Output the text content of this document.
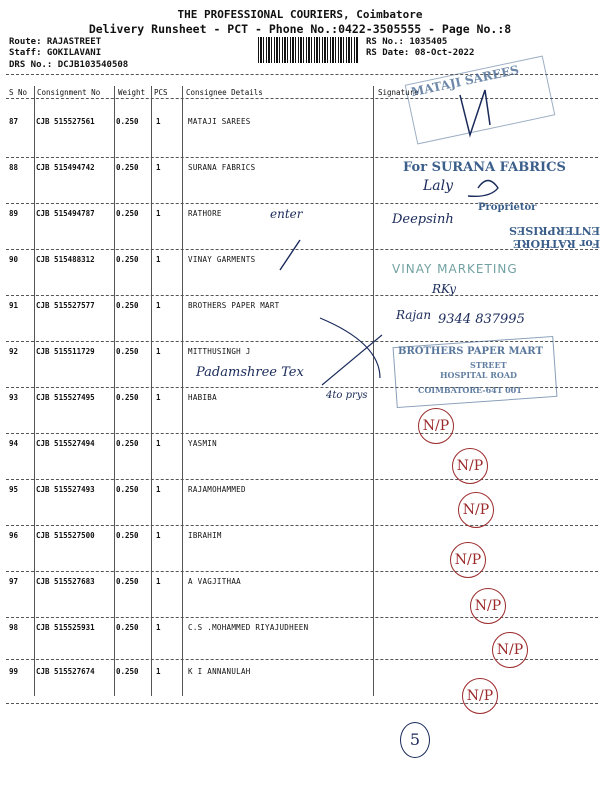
THE PROFESSIONAL COURIERS, Coimbatore
Delivery Runsheet - PCT - Phone No.:0422-3505555 - Page No.:8
Route: RAJASTREET
Staff: GOKILAVANI
DRS No.: DCJB103540508
RS No.: 1035405
RS Date: 08-Oct-2022
S No Consignment No Weight PCS Consignee Details	Signature
87 CJB 515527561	0.250 1	MATAJI SAREES
88 CJB 515494742	0.250 1	SURANA FABRICS
89 CJB 515494787	0.250 1	RATHORE
90 CJB 515488312	0.250 1	VINAY GARMENTS
91 CJB 515527577	0.250 1	BROTHERS PAPER MART
92 CJB 515511729	0.250 1	MITTHUSINGH J
93 CJB 515527495	0.250 1	HABIBA
94 CJB 515527494	0.250 1	YASMIN
95 CJB 515527493	0.250 1	RAJAMOHAMMED
96 CJB 515527500	0.250 1	IBRAHIM
97 CJB 515527683	0.250 1	A VAGJITHAA
98 CJB 515525931	0.250 1	C.S .MOHAMMED RIYAJUDHEEN
99 CJB 515527674	0.250 1	K I ANNANULAH
MATAJI SAREES
For SURANA FABRICS
Proprietor
Laly
For RATHORE ENTERPRISES
Deepsinh
enter
VINAY MARKETING
RKy
Rajan 9344 837995
BROTHERS PAPER MART
STREET
HOSPITAL ROAD
COIMBATORE-641 001
Padamshree Tex
4to prys
N/P
N/P
N/P
N/P
N/P
N/P
N/P
5
